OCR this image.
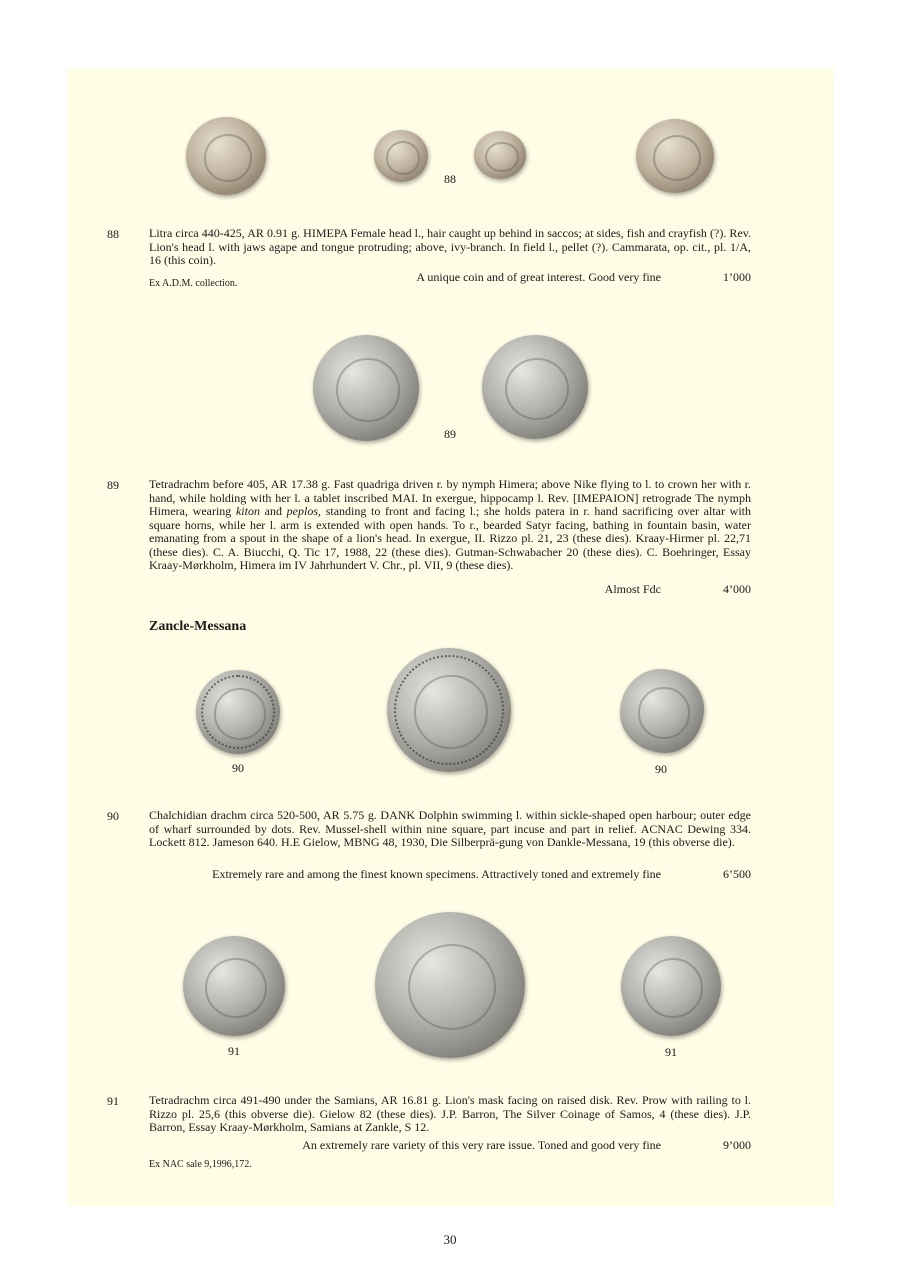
88
88	Litra circa 440-425, AR 0.91 g. HIMEPA Female head l., hair caught up behind in saccos; at sides, fish and crayfish (?). Rev. Lion's head l. with jaws agape and tongue protruding; above, ivy-branch. In field l., pellet (?). Cammarata, op. cit., pl. 1/A, 16 (this coin).
A unique coin and of great interest. Good very fine	1’000
Ex A.D.M. collection.
89
89	Tetradrachm before 405, AR 17.38 g. Fast quadriga driven r. by nymph Himera; above Nike flying to l. to crown her with r. hand, while holding with her l. a tablet inscribed MAI. In exergue, hippocamp l. Rev. [IMEPAION] retrograde The nymph Himera, wearing kiton and peplos, standing to front and facing l.; she holds patera in r. hand sacrificing over altar with square horns, while her l. arm is extended with open hands. To r., bearded Satyr facing, bathing in fountain basin, water emanating from a spout in the shape of a lion's head. In exergue, II. Rizzo pl. 21, 23 (these dies). Kraay-Hirmer pl. 22,71 (these dies). C. A. Biucchi, Q. Tic 17, 1988, 22 (these dies). Gutman-Schwabacher 20 (these dies). C. Boehringer, Essay Kraay-Mørkholm, Himera im IV Jahrhundert V. Chr., pl. VII, 9 (these dies).
Almost Fdc	4’000
Zancle-Messana
90	90
90	Chalchidian drachm circa 520-500, AR 5.75 g. DANK Dolphin swimming l. within sickle-shaped open harbour; outer edge of wharf surrounded by dots. Rev. Mussel-shell within nine square, part incuse and part in relief. ACNAC Dewing 334. Lockett 812. Jameson 640. H.E Gielow, MBNG 48, 1930, Die Silberprä-gung von Dankle-Messana, 19 (this obverse die).
Extremely rare and among the finest known specimens. Attractively toned and extremely fine	6’500
91	91
91	Tetradrachm circa 491-490 under the Samians, AR 16.81 g. Lion's mask facing on raised disk. Rev. Prow with railing to l. Rizzo pl. 25,6 (this obverse die). Gielow 82 (these dies). J.P. Barron, The Silver Coinage of Samos, 4 (these dies). J.P. Barron, Essay Kraay-Mørkholm, Samians at Zankle, S 12.
An extremely rare variety of this very rare issue. Toned and good very fine	9’000
Ex NAC sale 9,1996,172.
30
